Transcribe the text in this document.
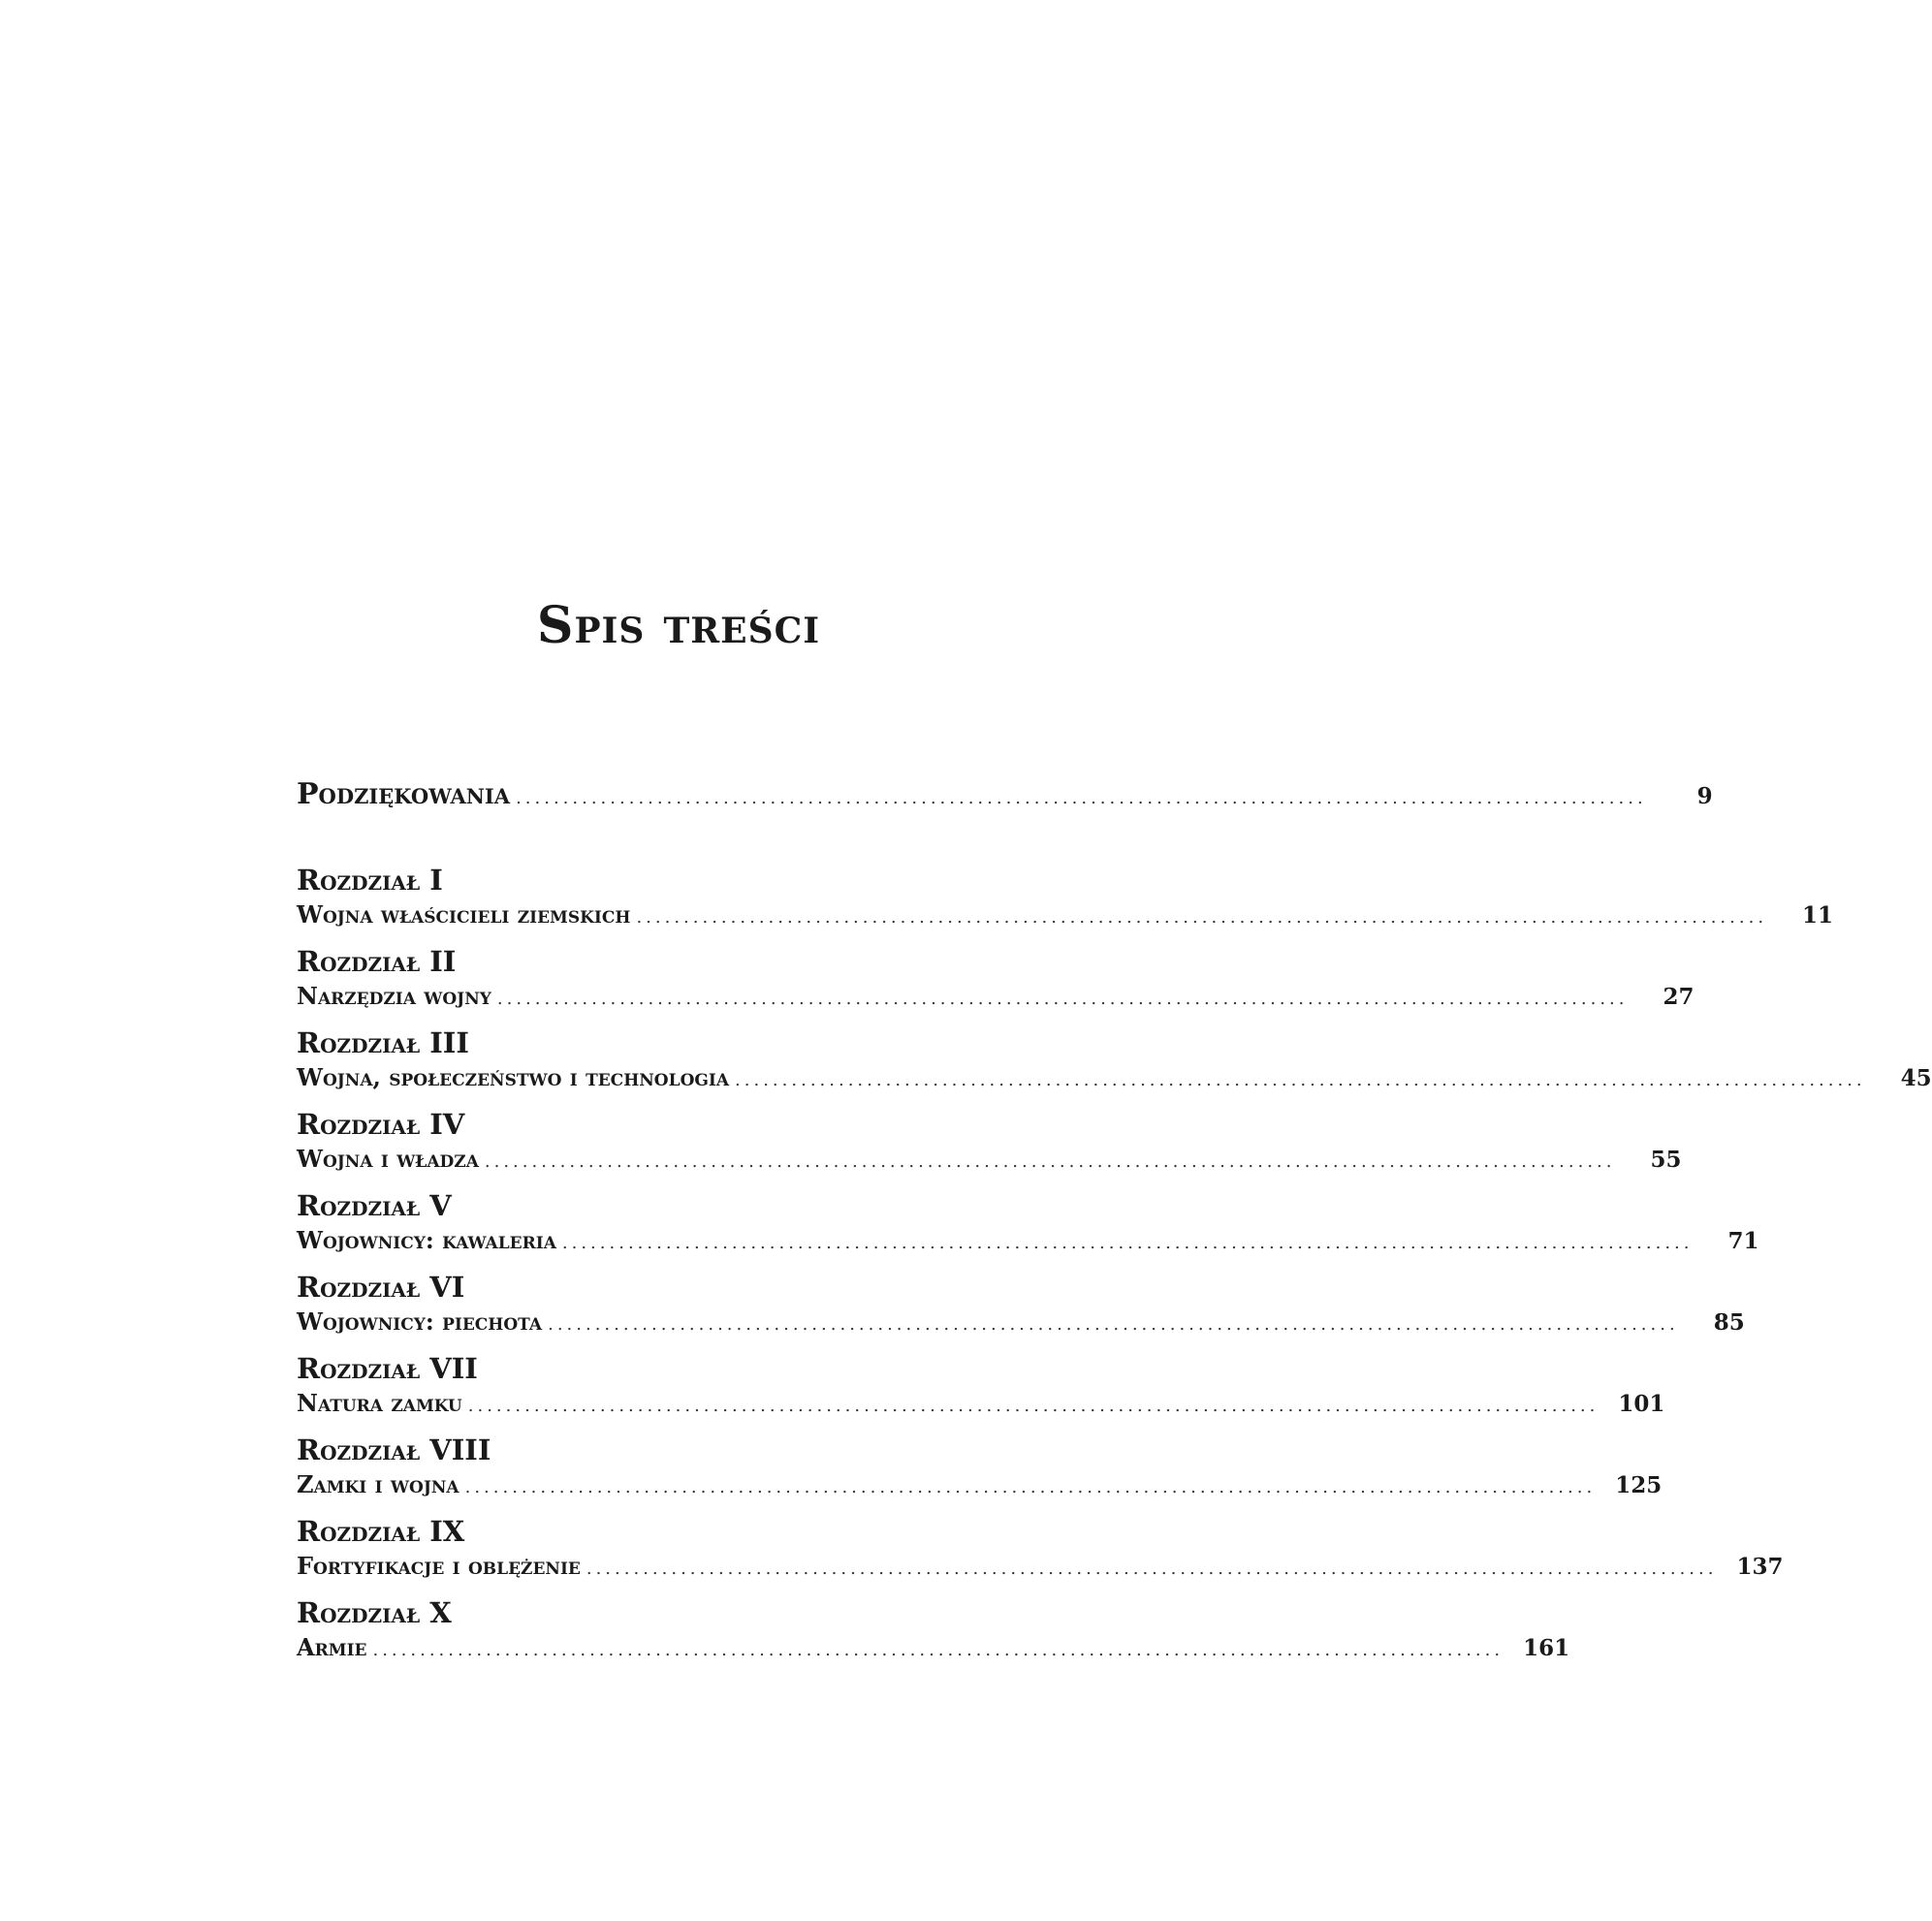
Spis treści
Podziękowania ........................................................................................................................	9
Rozdział I
Wojna właścicieli ziemskich ........................................................................................................................	11
Rozdział II
Narzędzia wojny ........................................................................................................................	27
Rozdział III
Wojna, społeczeństwo i technologia ........................................................................................................................	45
Rozdział IV
Wojna i władza ........................................................................................................................	55
Rozdział V
Wojownicy: kawaleria ........................................................................................................................	71
Rozdział VI
Wojownicy: piechota ........................................................................................................................	85
Rozdział VII
Natura zamku ........................................................................................................................ 101
Rozdział VIII
Zamki i wojna ........................................................................................................................ 125
Rozdział IX
Fortyfikacje i oblężenie ........................................................................................................................ 137
Rozdział X
Armie ........................................................................................................................ 161
